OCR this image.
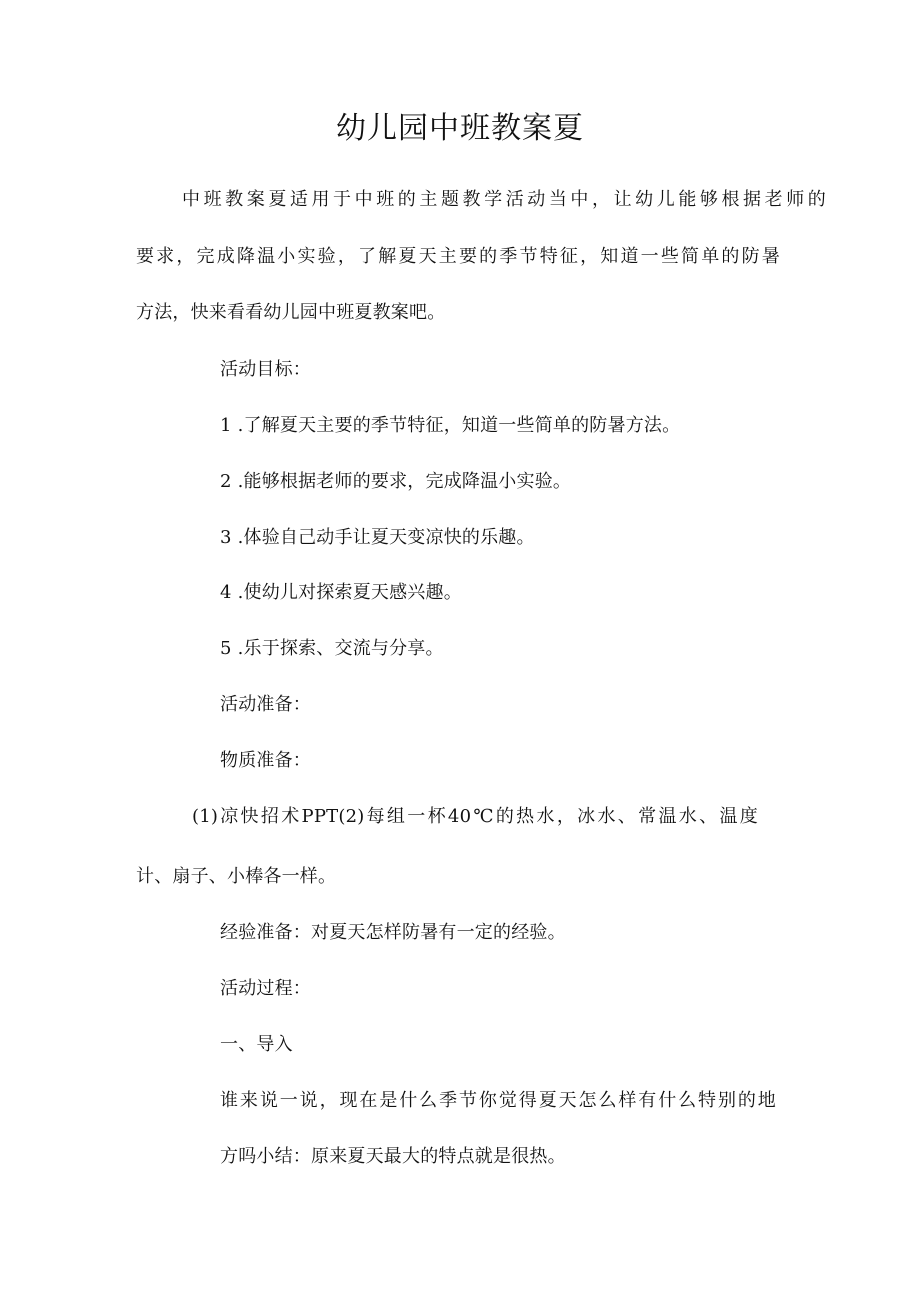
幼儿园中班教案夏
中班教案夏适用于中班的主题教学活动当中，让幼儿能够根据老师的
要求，完成降温小实验，了解夏天主要的季节特征，知道一些简单的防暑
方法，快来看看幼儿园中班夏教案吧。
活动目标：
1 .了解夏天主要的季节特征，知道一些简单的防暑方法。
2 .能够根据老师的要求，完成降温小实验。
3 .体验自己动手让夏天变凉快的乐趣。
4 .使幼儿对探索夏天感兴趣。
5 .乐于探索、交流与分享。
活动准备：
物质准备：
(1)凉快招术PPT(2)每组一杯40℃的热水，冰水、常温水、温度
计、扇子、小棒各一样。
经验准备：对夏天怎样防暑有一定的经验。
活动过程：
一、导入
谁来说一说，现在是什么季节你觉得夏天怎么样有什么特别的地
方吗小结：原来夏天最大的特点就是很热。
